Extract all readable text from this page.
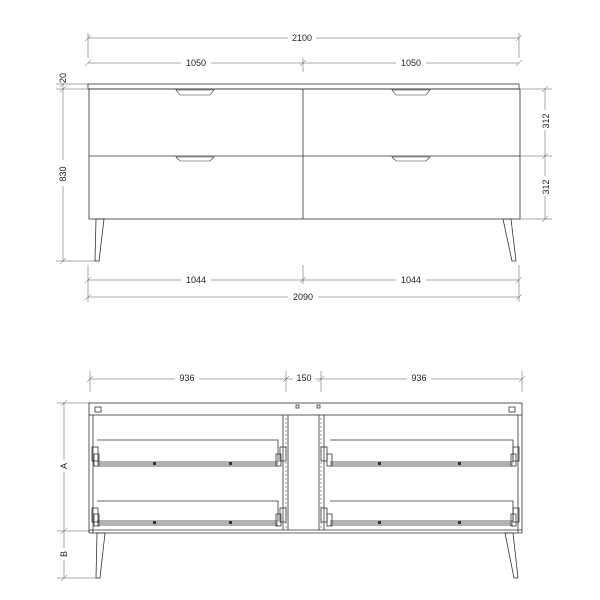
2100
1050	1050
20
830
312
312
1044	1044
2090
936	150	936
A
B
